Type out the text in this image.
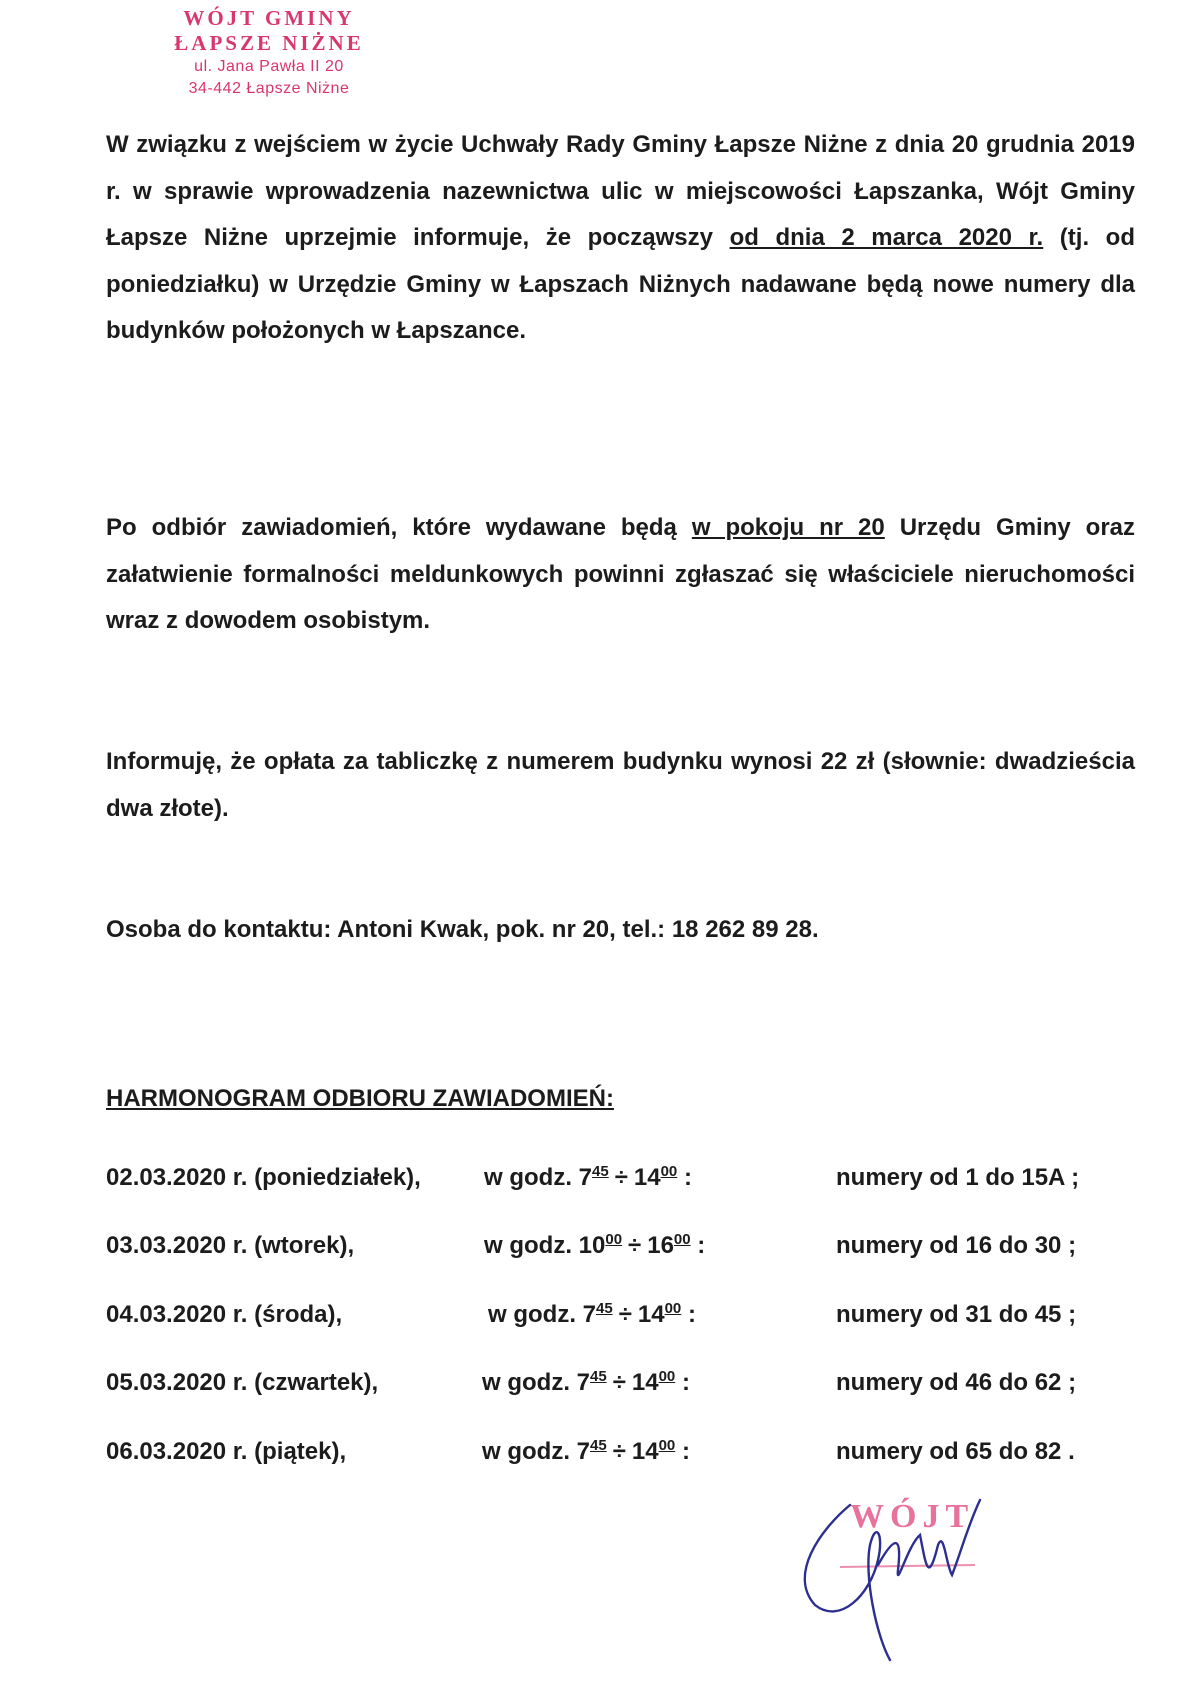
WÓJT GMINY
ŁAPSZE NIŻNE
ul. Jana Pawła II 20
34-442 Łapsze Niżne

W związku z wejściem w życie Uchwały Rady Gminy Łapsze Niżne z dnia 20 grudnia 2019 r. w sprawie wprowadzenia nazewnictwa ulic w miejscowości Łapszanka, Wójt Gminy Łapsze Niżne uprzejmie informuje, że począwszy od dnia 2 marca 2020 r. (tj. od poniedziałku) w Urzędzie Gminy w Łapszach Niżnych nadawane będą nowe numery dla budynków położonych w Łapszance.

Po odbiór zawiadomień, które wydawane będą w pokoju nr 20 Urzędu Gminy oraz załatwienie formalności meldunkowych powinni zgłaszać się właściciele nieruchomości wraz z dowodem osobistym.

Informuję, że opłata za tabliczkę z numerem budynku wynosi 22 zł (słownie: dwadzieścia dwa złote).

Osoba do kontaktu: Antoni Kwak, pok. nr 20, tel.: 18 262 89 28.

HARMONOGRAM ODBIORU ZAWIADOMIEŃ:

02.03.2020 r. (poniedziałek),	w godz. $7^{45} \div 14^{00}$ :	numery od 1 do 15A ;
03.03.2020 r. (wtorek),	w godz. $10^{00} \div 16^{00}$ :	numery od 16 do 30 ;
04.03.2020 r. (środa),	w godz. $7^{45} \div 14^{00}$ :	numery od 31 do 45 ;
05.03.2020 r. (czwartek),	w godz. $7^{45} \div 14^{00}$ :	numery od 46 do 62 ;
06.03.2020 r. (piątek),	w godz. $7^{45} \div 14^{00}$ :	numery od 65 do 82 .
WÓJT
